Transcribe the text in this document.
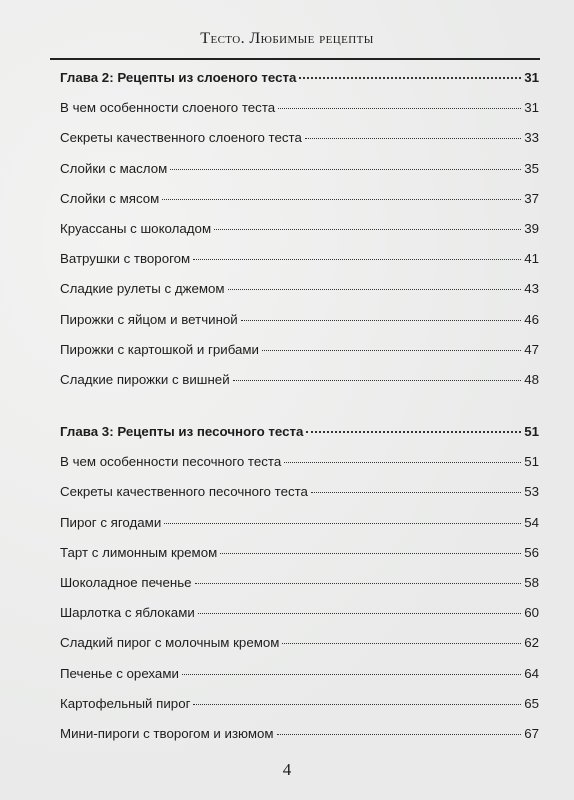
Тесто. Любимые рецепты
Глава 2: Рецепты из слоеного теста	31
В чем особенности слоеного теста	31
Секреты качественного слоеного теста	33
Слойки с маслом	35
Слойки с мясом	37
Круассаны с шоколадом	39
Ватрушки с творогом	41
Сладкие рулеты с джемом	43
Пирожки с яйцом и ветчиной	46
Пирожки с картошкой и грибами	47
Сладкие пирожки с вишней	48
Глава 3: Рецепты из песочного теста	51
В чем особенности песочного теста	51
Секреты качественного песочного теста	53
Пирог с ягодами	54
Тарт с лимонным кремом	56
Шоколадное печенье	58
Шарлотка с яблоками	60
Сладкий пирог с молочным кремом	62
Печенье с орехами	64
Картофельный пирог	65
Мини-пироги с творогом и изюмом	67
4
